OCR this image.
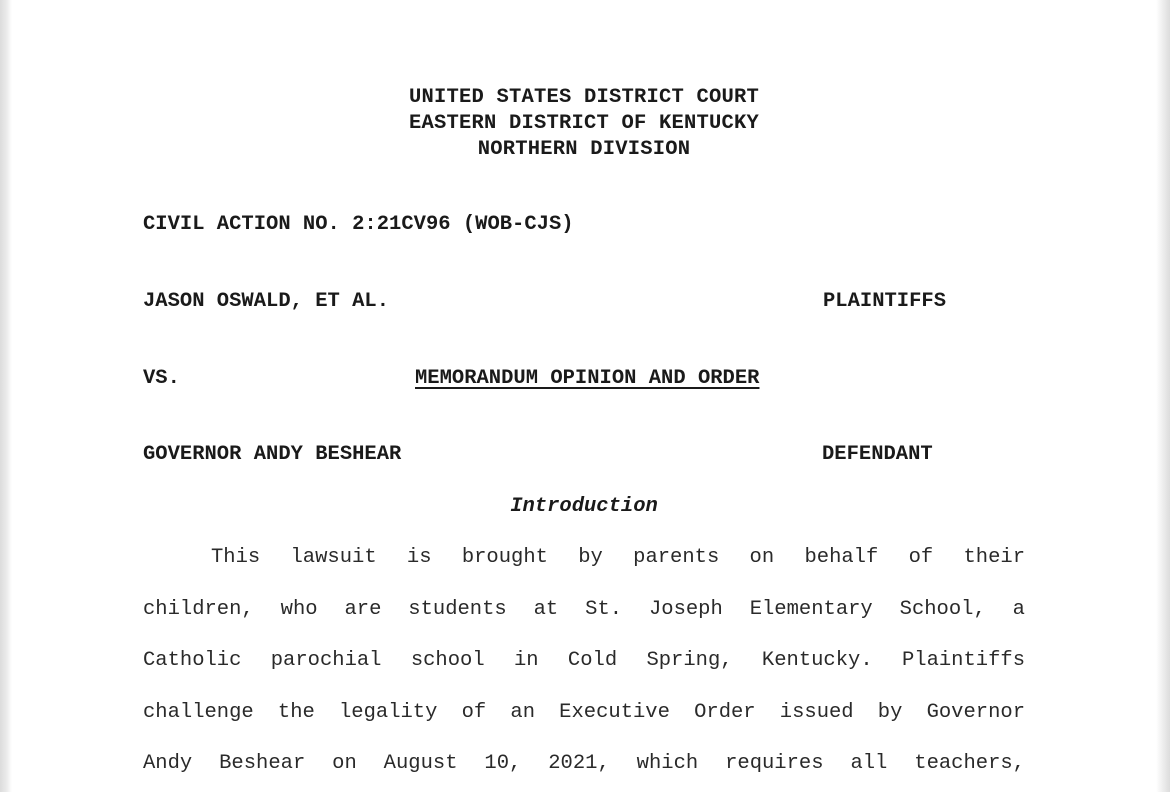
UNITED STATES DISTRICT COURT
EASTERN DISTRICT OF KENTUCKY
NORTHERN DIVISION
CIVIL ACTION NO. 2:21CV96 (WOB-CJS)
JASON OSWALD, ET AL.	PLAINTIFFS
VS.	MEMORANDUM OPINION AND ORDER
GOVERNOR ANDY BESHEAR	DEFENDANT
Introduction
This lawsuit is brought by parents on behalf of their
children, who are students at St. Joseph Elementary School, a
Catholic parochial school in Cold Spring, Kentucky. Plaintiffs
challenge the legality of an Executive Order issued by Governor
Andy Beshear on August 10, 2021, which requires all teachers,
